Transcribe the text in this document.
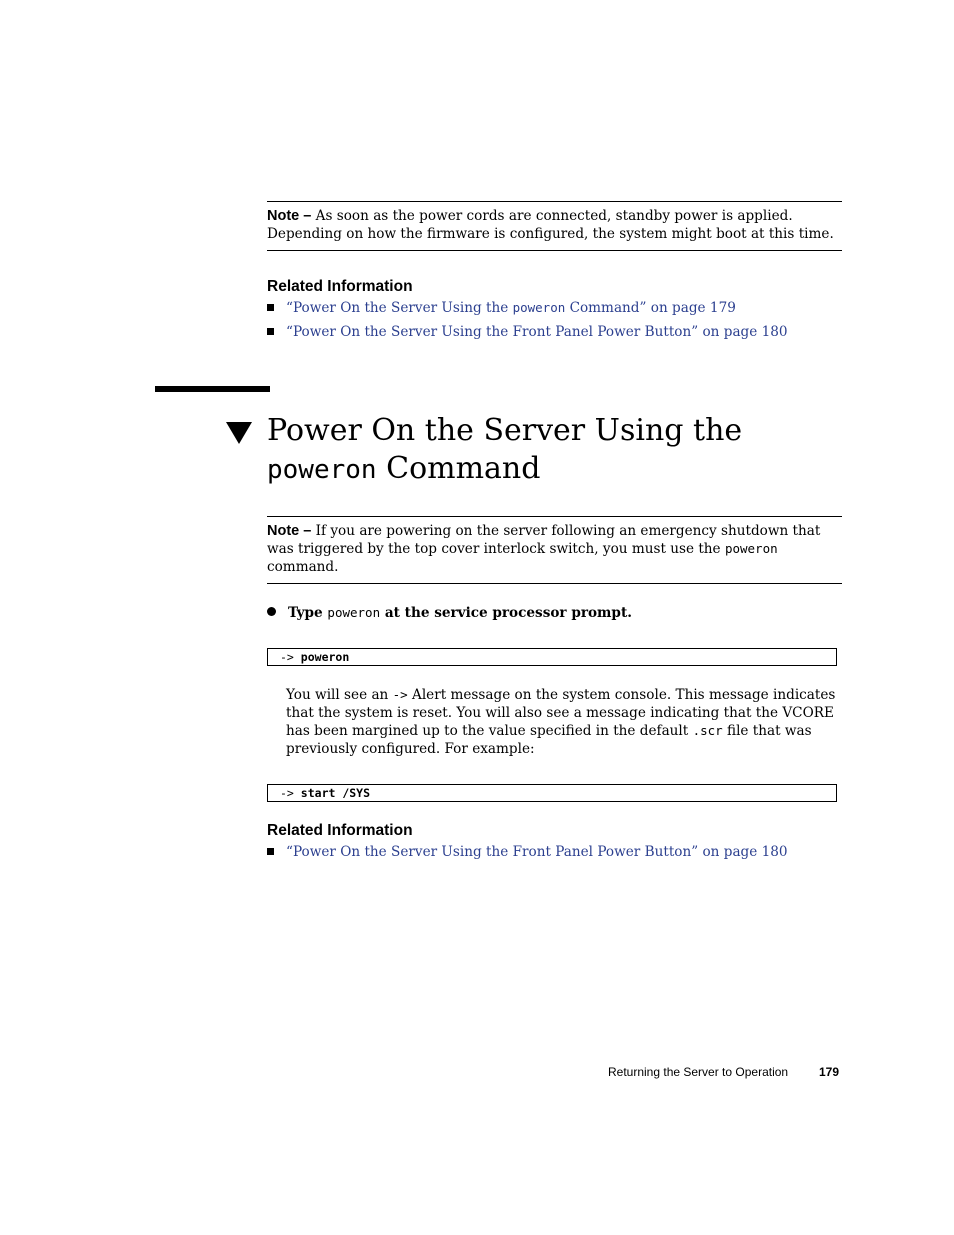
Note – As soon as the power cords are connected, standby power is applied. Depending on how the firmware is configured, the system might boot at this time.
Related Information
“Power On the Server Using the poweron Command” on page 179
“Power On the Server Using the Front Panel Power Button” on page 180
Power On the Server Using the
poweron Command
Note – If you are powering on the server following an emergency shutdown that was triggered by the top cover interlock switch, you must use the poweron command.
Type poweron at the service processor prompt.
-> poweron
You will see an -> Alert message on the system console. This message indicates that the system is reset. You will also see a message indicating that the VCORE has been margined up to the value specified in the default .scr file that was previously configured. For example:
-> start /SYS
Related Information
“Power On the Server Using the Front Panel Power Button” on page 180
Returning the Server to Operation	179
